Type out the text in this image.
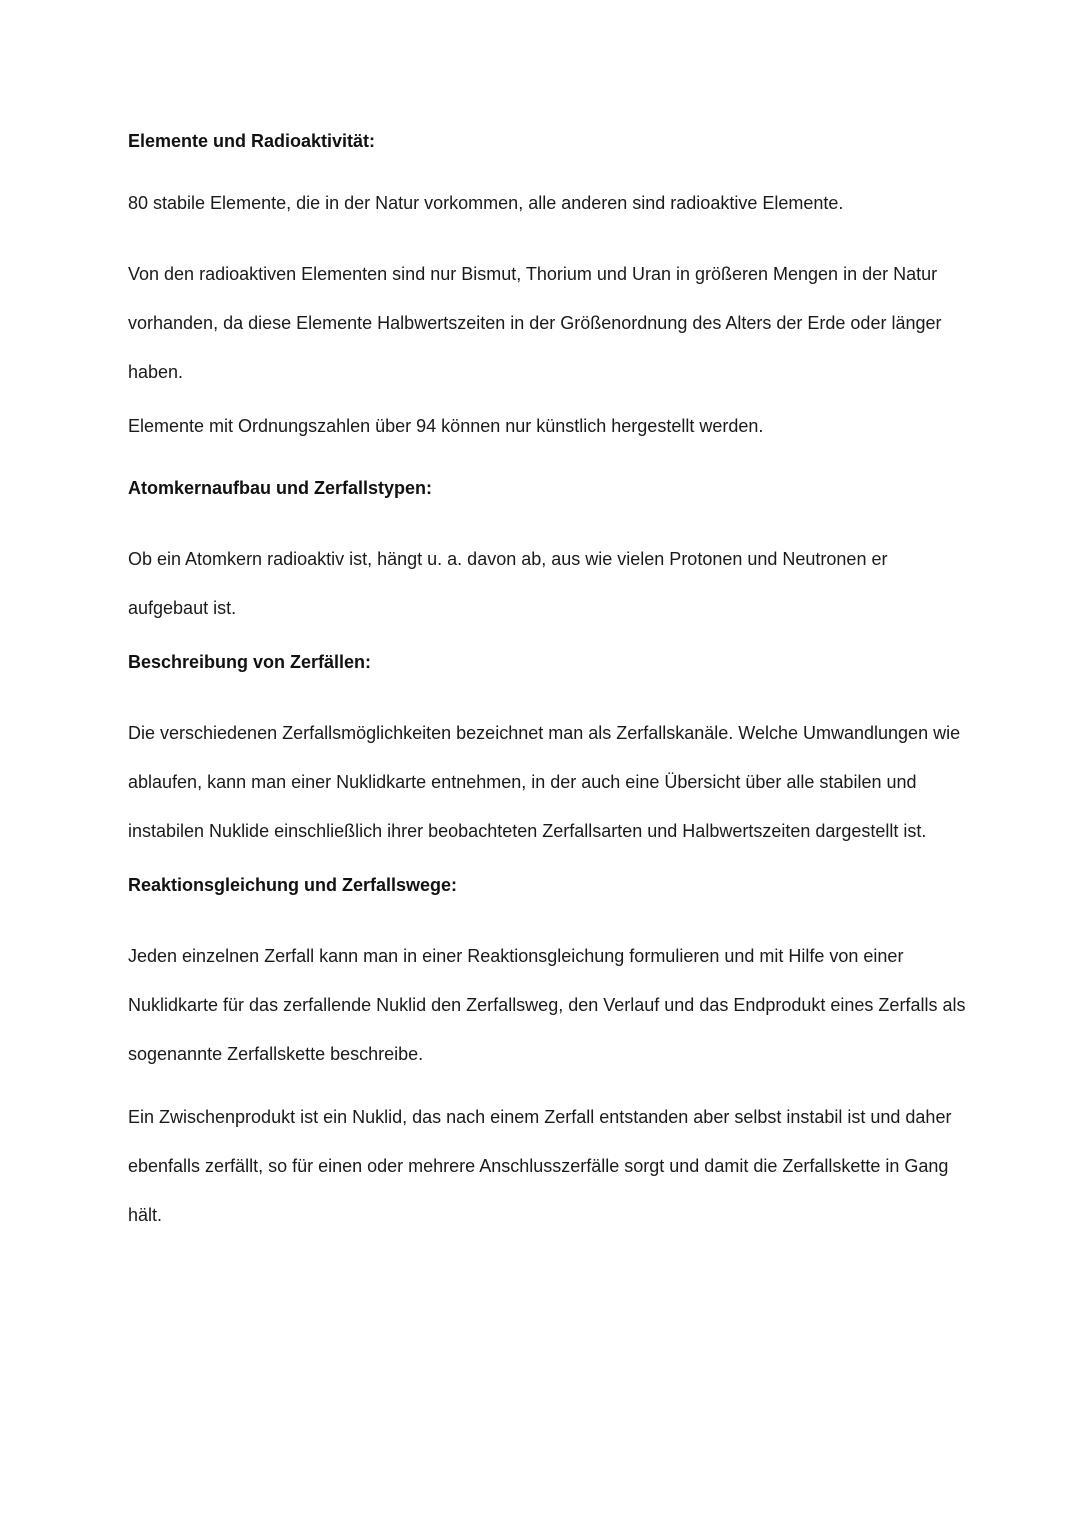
Elemente und Radioaktivität:
80 stabile Elemente, die in der Natur vorkommen, alle anderen sind radioaktive Elemente.
Von den radioaktiven Elementen sind nur Bismut, Thorium und Uran in größeren Mengen in der Natur vorhanden, da diese Elemente Halbwertszeiten in der Größenordnung des Alters der Erde oder länger haben.
Elemente mit Ordnungszahlen über 94 können nur künstlich hergestellt werden.
Atomkernaufbau und Zerfallstypen:
Ob ein Atomkern radioaktiv ist, hängt u. a. davon ab, aus wie vielen Protonen und Neutronen er aufgebaut ist.
Beschreibung von Zerfällen:
Die verschiedenen Zerfallsmöglichkeiten bezeichnet man als Zerfallskanäle. Welche Umwandlungen wie ablaufen, kann man einer Nuklidkarte entnehmen, in der auch eine Übersicht über alle stabilen und instabilen Nuklide einschließlich ihrer beobachteten Zerfallsarten und Halbwertszeiten dargestellt ist.
Reaktionsgleichung und Zerfallswege:
Jeden einzelnen Zerfall kann man in einer Reaktionsgleichung formulieren und mit Hilfe von einer Nuklidkarte für das zerfallende Nuklid den Zerfallsweg, den Verlauf und das Endprodukt eines Zerfalls als sogenannte Zerfallskette beschreibe.
Ein Zwischenprodukt ist ein Nuklid, das nach einem Zerfall entstanden aber selbst instabil ist und daher ebenfalls zerfällt, so für einen oder mehrere Anschlusszerfälle sorgt und damit die Zerfallskette in Gang hält.
